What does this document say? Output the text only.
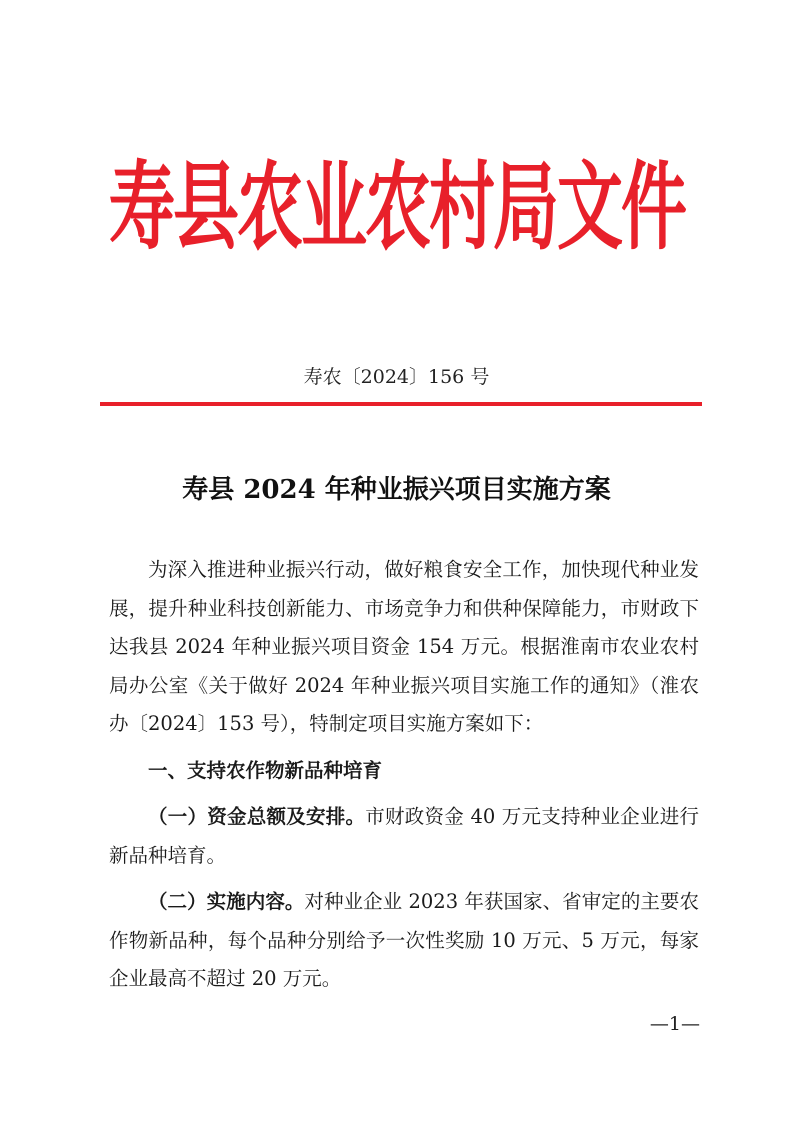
寿县农业农村局文件
寿农〔2024〕156 号
寿县 2024 年种业振兴项目实施方案

为深入推进种业振兴行动，做好粮食安全工作，加快现代种业发展，提升种业科技创新能力、市场竞争力和供种保障能力，市财政下达我县 2024 年种业振兴项目资金 154 万元。根据淮南市农业农村局办公室《关于做好 2024 年种业振兴项目实施工作的通知》（淮农办〔2024〕153 号），特制定项目实施方案如下：

一、支持农作物新品种培育

（一）资金总额及安排。市财政资金 40 万元支持种业企业进行新品种培育。

（二）实施内容。对种业企业 2023 年获国家、省审定的主要农作物新品种，每个品种分别给予一次性奖励 10 万元、5 万元，每家企业最高不超过 20 万元。

—1—
